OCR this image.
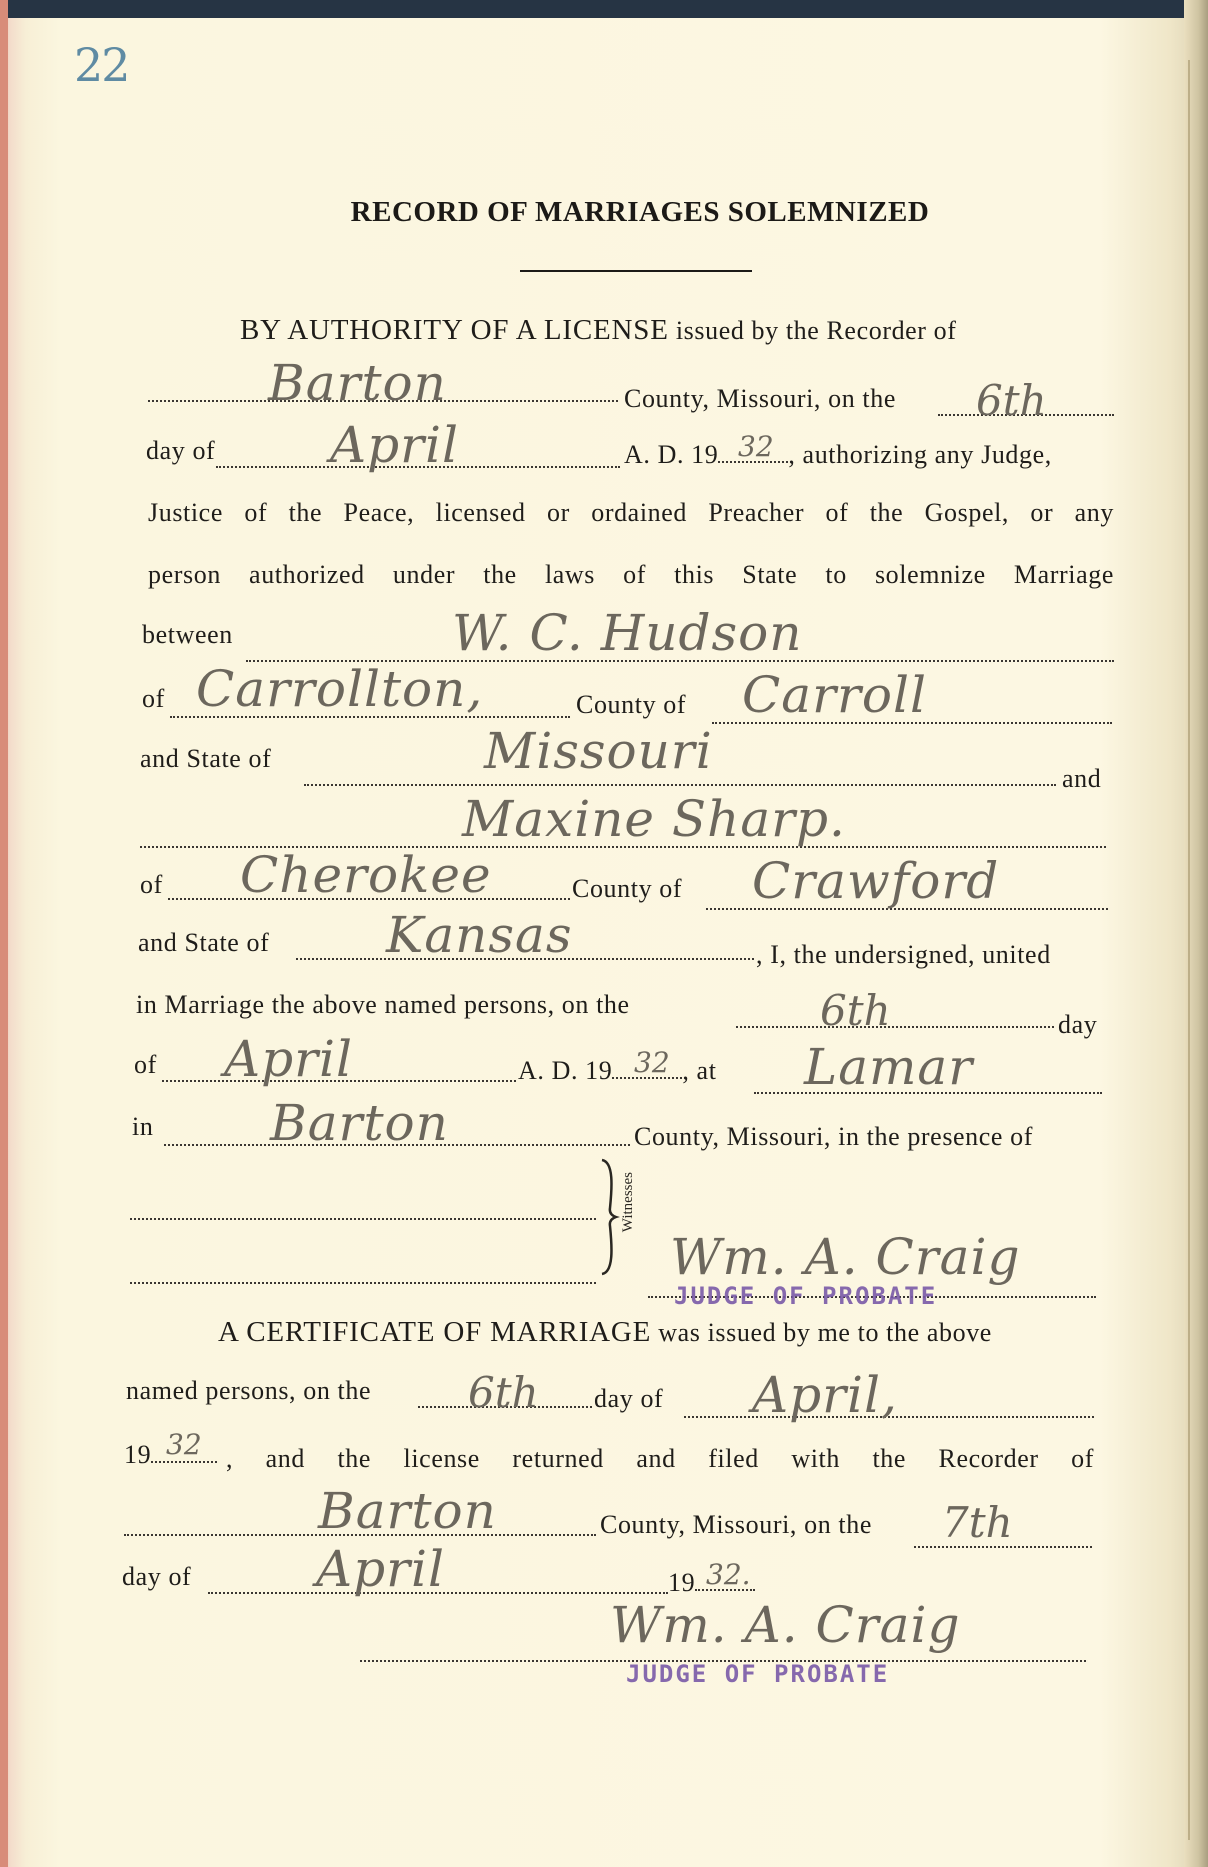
22
RECORD OF MARRIAGES SOLEMNIZED
BY AUTHORITY OF A LICENSE issued by the Recorder of
Barton	County, Missouri, on the 6th
day of April	A. D. 19	, authorizing any Judge,
32
Justice of the Peace, licensed or ordained Preacher of the Gospel, or any
person authorized under the laws of this State to solemnize Marriage
between	W. C. Hudson
of Carrollton,	County of Carroll
and State of	Missouri	and
Maxine Sharp.
of Cherokee	County of Crawford
and State of Kansas	, I, the undersigned, united
in Marriage the above named persons, on the	6th	day
of April	A. D. 19	, at
32	Lamar
in Barton	County, Missouri, in the presence of
Witnesses
Wm. A. Craig
JUDGE OF PROBATE
A CERTIFICATE OF MARRIAGE was issued by me to the above
named persons, on the 6th day of April,
19 32 , and the license returned and filed with the Recorder of
Barton	County, Missouri, on the 7th
day of April	19 32.
Wm. A. Craig
JUDGE OF PROBATE
